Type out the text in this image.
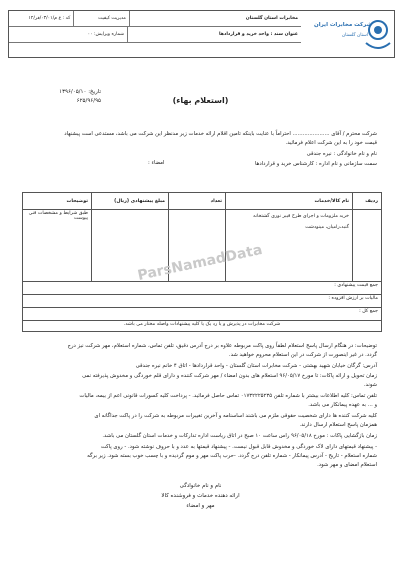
مخابرات استان گلستان
مدیریت کیفیت
کد : ع م/۰۳/۰۱/فر/۱۲
عنوان سند : واحد خرید و قراردادها
شماره ویرایش: ۰۰
شرکت مخابرات ایران
استان گلستان
تاریخ: ۱۳۹۶/۰۵/۱۰
۶۲۵/۹۶/۹۵	(استعلام بهاء)
شرکت محترم / آقای ...................... احتراماً با عنایت باینکه تامین اقلام ارائه خدمات زیر مدنظر این شرکت می باشد، مستدعی است پیشنهاد
قیمت خود را به این شرکت اعلام فرمائید.
نام و نام خانوادگی : نیره جندقی
سمت سازمانی و نام اداره : کارشناس خرید و قراردادها
امضاء :
ردیف	نام کالا/خدمات	تعداد	مبلغ پیشنهادی (ریال)	توضیحات
	خرید ملزومات و اجرای طرح فیبر نوری گشتخانه گنبد،رامیان، مینودشت			طبق شرایط و مشخصات فنی پیوست
جمع قیمت پیشنهادی :				
مالیات بر ارزش افزوده :				
جمع کل :				
شرکت مخابرات در پذیرش و یا رد یک یا کلیه پیشنهادات واصله مختار می باشد.				
ParsNamadData
توضیحات: در هنگام ارسال پاسخ استعلام لطفاً روی پاکت مربوطه علاوه بر درج آدرس دقیق، تلفن تماس، شماره استعلام، مهر شرکت نیز درج
گردد. در غیر اینصورت از شرکت در این استعلام محروم خواهید شد.
آدرس: گرگان خیابان شهید بهشتی - شرکت مخابرات استان گلستان - واحد قراردادها - اتاق ۴ خانم نیره جندقی
زمان تحویل و ارائه پاکات: تا مورخ ۹۶/۰۵/۱۷ استعلام های بدون امضاء / مهر شرکت کننده و دارای قلم خوردگی و مخدوش پذیرفته نمی
شوند.
تلفن تماس: کلیه اطلاعات بیشتر با شماره تلفن ۰۱۷۳۲۲۲۵۲۳۵ تماس حاصل فرمائید. - پرداخت کلیه کسورات قانونی اعم از بیمه، مالیات
و ... به عهده پیمانکار می باشد.
کلیه شرکت کننده ها دارای شخصیت حقوقی ملزم می باشند اساسنامه و آخرین تغییرات مربوطه به شرکت را در پاکت جداگانه ای
همزمان پاسخ استعلام ارسال دارند.
زمان بازگشایی پاکات : مورخ ۹۶/۰۵/۱۸ راس ساعت ۱۰ صبح در اتاق ریاست اداره تدارکات و خدمات استان گلستان می باشد.
- پیشنهاد قیمتهای دارای لاک خوردگی و مخدوش قابل قبول نیست. - پیشنهاد قیمتها به عدد و با حروف نوشته شود. - روی پاکت
شماره استعلام - تاریخ - آدرس پیمانکار - شماره تلفن درج گردد. -حرب پاکت مهر و موم گردیده و با چسب خوب بسته شود. زیر برگه
استعلام امضای و مهر شود.
نام و نام خانوادگی
ارائه دهنده خدمات و فروشنده کالا
مهر و امضاء
